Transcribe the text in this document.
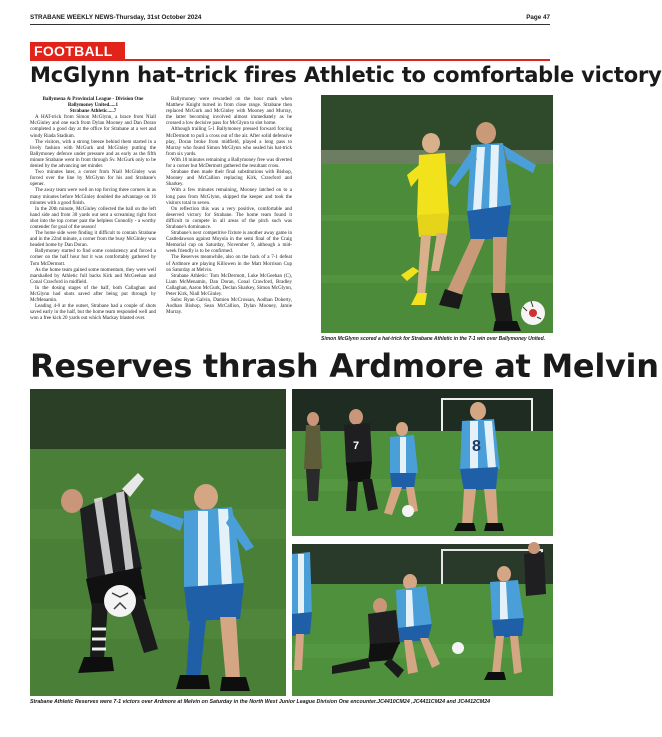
STRABANE WEEKLY NEWS-Thursday, 31st October 2024	Page 47
FOOTBALL
McGlynn hat-trick fires Athletic to comfortable victory

Ballymena & Provincial League - Division One

Ballymoney United.....1

Strabane Athletic.....7

A HAT-trick from Simon McGlynn, a brace from Niall McGinley and one each from Dylan Mooney and Dan Doran completed a good day at the office for Strabane at a wet and windy Riada Stadium.

The visitors, with a strong breeze behind them started in a lively fashion with McGurk and McGinley putting the Ballymoney defence under pressure and as early as the fifth minute Strabane went in front through Sv. McGurk only to be denied by the advancing net minder.

Two minutes later, a corner from Niall McGinley was forced over the line by McGlynn for his and Strabane's opener.

The away team were well on top forcing three corners in as many minutes before McGinley doubled the advantage on 16 minutes with a good finish.

In the 20th minute, McGinley collected the ball on the left hand side and from 30 yards out sent a screaming right foot shot into the top corner past the helpless Connolly - a worthy contender for goal of the season!

The home side were finding it difficult to contain Strabane and in the 22nd minute, a corner from the busy McGinley was headed home by Dan Doran.

Ballymoney started to find some consistency and forced a corner on the half hour but it was comfortably gathered by Tom McDermott.

As the home team gained some momentum, they were well marshalled by Athletic full backs Kirk and McGeehan and Conal Crawford in midfield.

In the dosing stages of the half, both Callaghan and McGlynn had shots saved after being put through by McMenamin.

Leading 4-0 at the outset, Strabane had a couple of shots saved early in the half, but the home team responded well and won a free kick 20 yards out which Mackay blasted over.

Ballymoney were rewarded on the hour mark when Matthew Knight turned in from close range. Strabane then replaced McGurk and McGinley with Mooney and Murray, the latter becoming involved almost immediately as he crossed a low decisive pass for McGlynn to slot home.

Although trailing 5-1 Ballymoney pressed forward forcing McDermott to pull a cross out of the air. After solid defensive play, Doran broke from midfield, played a long pass to Murray who found Simon McGlynn who sealed his hat-trick from six yards.

With 10 minutes remaining a Ballymoney free was diverted for a corner but McDermott gathered the resultant cross.

Strabane then made their final substitutions with Bishop, Mooney and McCallion replacing Kirk, Crawford and Sharkey.

With a few minutes remaining, Mooney latched on to a long pass from McGlynn, skipped the keeper and took the visitors total to seven.

On reflection this was a very positive, comfortable and deserved victory for Strabane. The home team found it difficult to compete in all areas of the pitch such was Strabane's dominance.

Strabane's next competitive fixture is another away game in Castledawson against Moyola in the semi final of the Craig Memorial cup on Saturday, November 9, although a mid-week friendly is to be confirmed.

The Reserves meanwhile, also on the back of a 7-1 defeat of Ardmore are playing Killowen in the Matt Morrison Cup on Saturday at Melvin.

Strabane Athletic: Tom McDermott, Luke McGeehan (C), Liam McMenamin, Dan Doran, Conal Crawford, Bradley Callaghan, Aaron McGurk, Declan Sharkey, Simon McGlynn, Peter Kirk, Niall McGinley.

Subs: Ryan Galvin, Damien McCrossan, Aodhan Doherty, Aodhan Bishop, Sean McCallion, Dylan Mooney, Jamie Murray.

Simon McGlynn scored a hat-trick for Strabane Athletic in the 7-1 win over Ballymoney United.
Reserves thrash Ardmore at Melvin
7	8
Strabane Athletic Reserves were 7-1 victors over Ardmore at Melvin on Saturday in the North West Junior League Division One encounter.JC4410CM24 ,JC4411CM24 and JC4412CM24
